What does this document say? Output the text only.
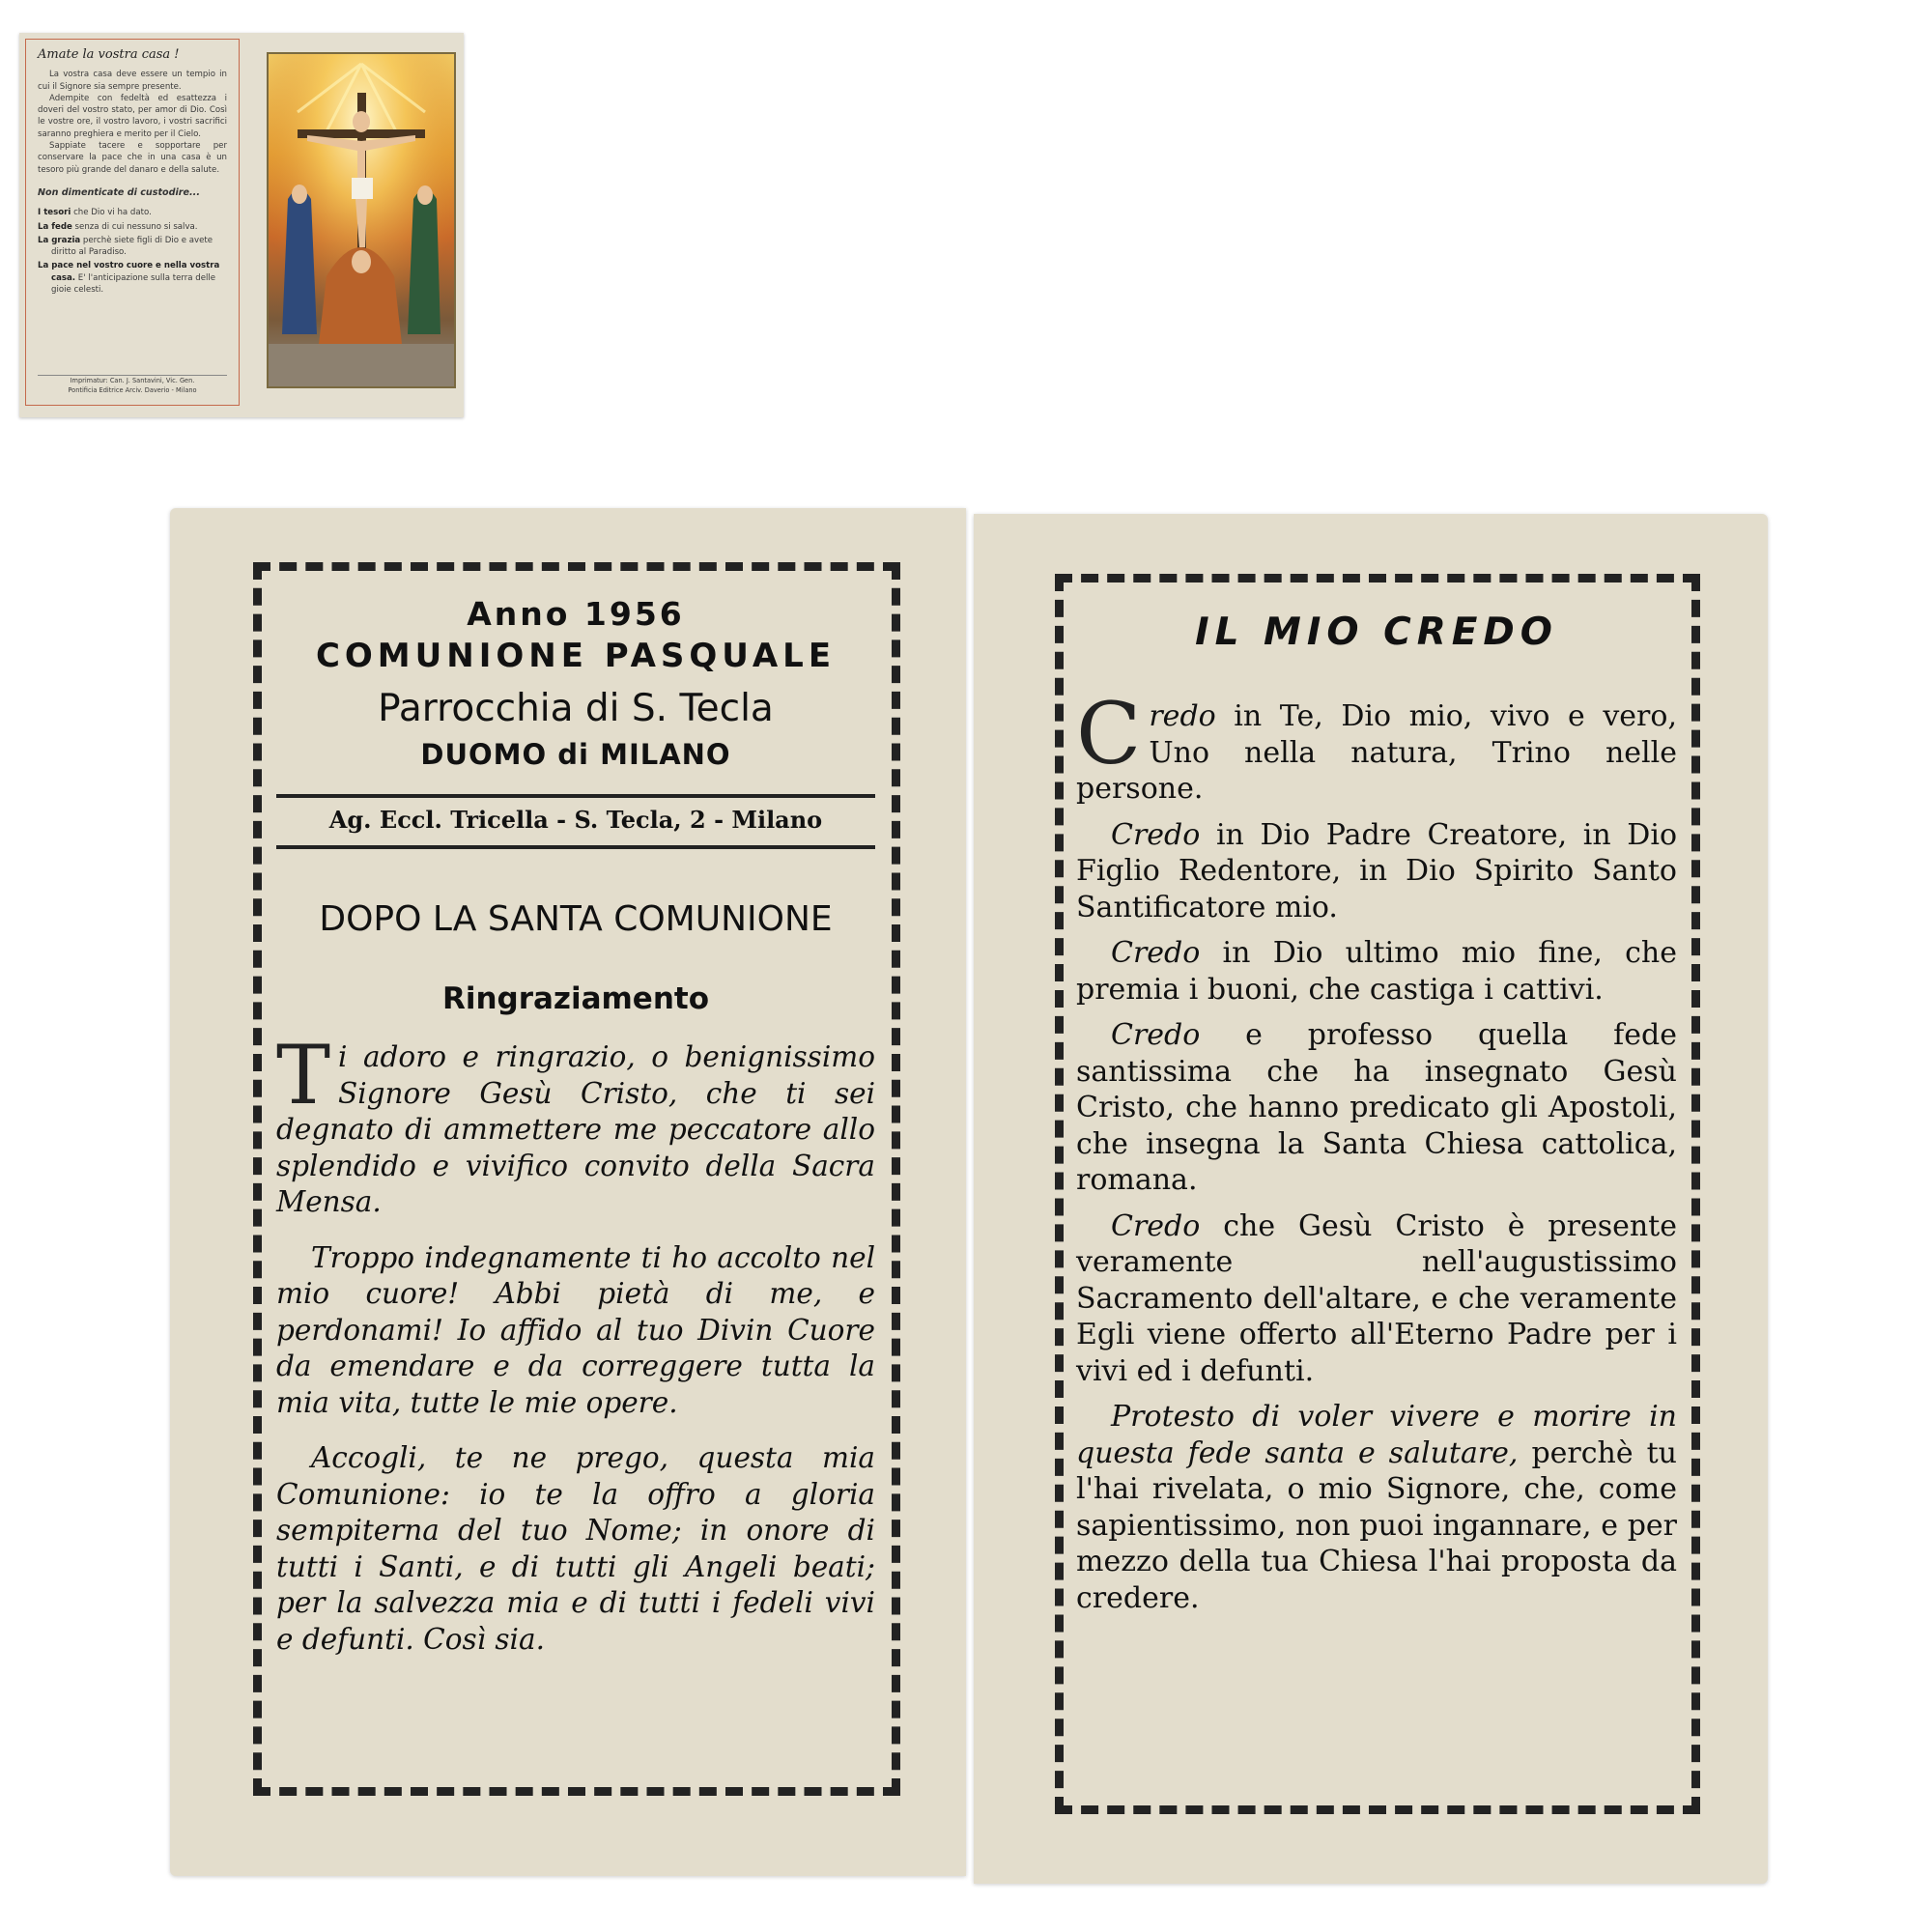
Amate la vostra casa !

La vostra casa deve essere un tempio in cui il Signore sia sempre presente.

Adempite con fedeltà ed esattezza i doveri del vostro stato, per amor di Dio. Così le vostre ore, il vostro lavoro, i vostri sacrifici saranno preghiera e merito per il Cielo.

Sappiate tacere e sopportare per conservare la pace che in una casa è un tesoro più grande del danaro e della salute.

Non dimenticate di custodire...
I tesori che Dio vi ha dato.
La fede senza di cui nessuno si salva.
La grazia perchè siete figli di Dio e avete diritto al Paradiso.
La pace nel vostro cuore e nella vostra casa. E' l'anticipazione sulla terra delle gioie celesti.
Imprimatur: Can. J. Santavini, Vic. Gen.
Pontificia Editrice Arciv. Daverio - Milano
Anno 1956
COMUNIONE PASQUALE
Parrocchia di S. Tecla
DUOMO di MILANO
Ag. Eccl. Tricella - S. Tecla, 2 - Milano
DOPO LA SANTA COMUNIONE
Ringraziamento

Ti adoro e ringrazio, o benignissimo Signore Gesù Cristo, che ti sei degnato di ammettere me peccatore allo splendido e vivifico convito della Sacra Mensa.

Troppo indegnamente ti ho accolto nel mio cuore! Abbi pietà di me, e perdonami! Io affido al tuo Divin Cuore da emendare e da correggere tutta la mia vita, tutte le mie opere.

Accogli, te ne prego, questa mia Comunione: io te la offro a gloria sempiterna del tuo Nome; in onore di tutti i Santi, e di tutti gli Angeli beati; per la salvezza mia e di tutti i fedeli vivi e defunti. Così sia.

IL MIO CREDO

Credo in Te, Dio mio, vivo e vero, Uno nella natura, Trino nelle persone.

Credo in Dio Padre Creatore, in Dio Figlio Redentore, in Dio Spirito Santo Santificatore mio.

Credo in Dio ultimo mio fine, che premia i buoni, che castiga i cattivi.

Credo e professo quella fede santissima che ha insegnato Gesù Cristo, che hanno predicato gli Apostoli, che insegna la Santa Chiesa cattolica, romana.

Credo che Gesù Cristo è presente veramente nell'augustissimo Sacramento dell'altare, e che veramente Egli viene offerto all'Eterno Padre per i vivi ed i defunti.

Protesto di voler vivere e morire in questa fede santa e salutare, perchè tu l'hai rivelata, o mio Signore, che, come sapientissimo, non puoi ingannare, e per mezzo della tua Chiesa l'hai proposta da credere.
